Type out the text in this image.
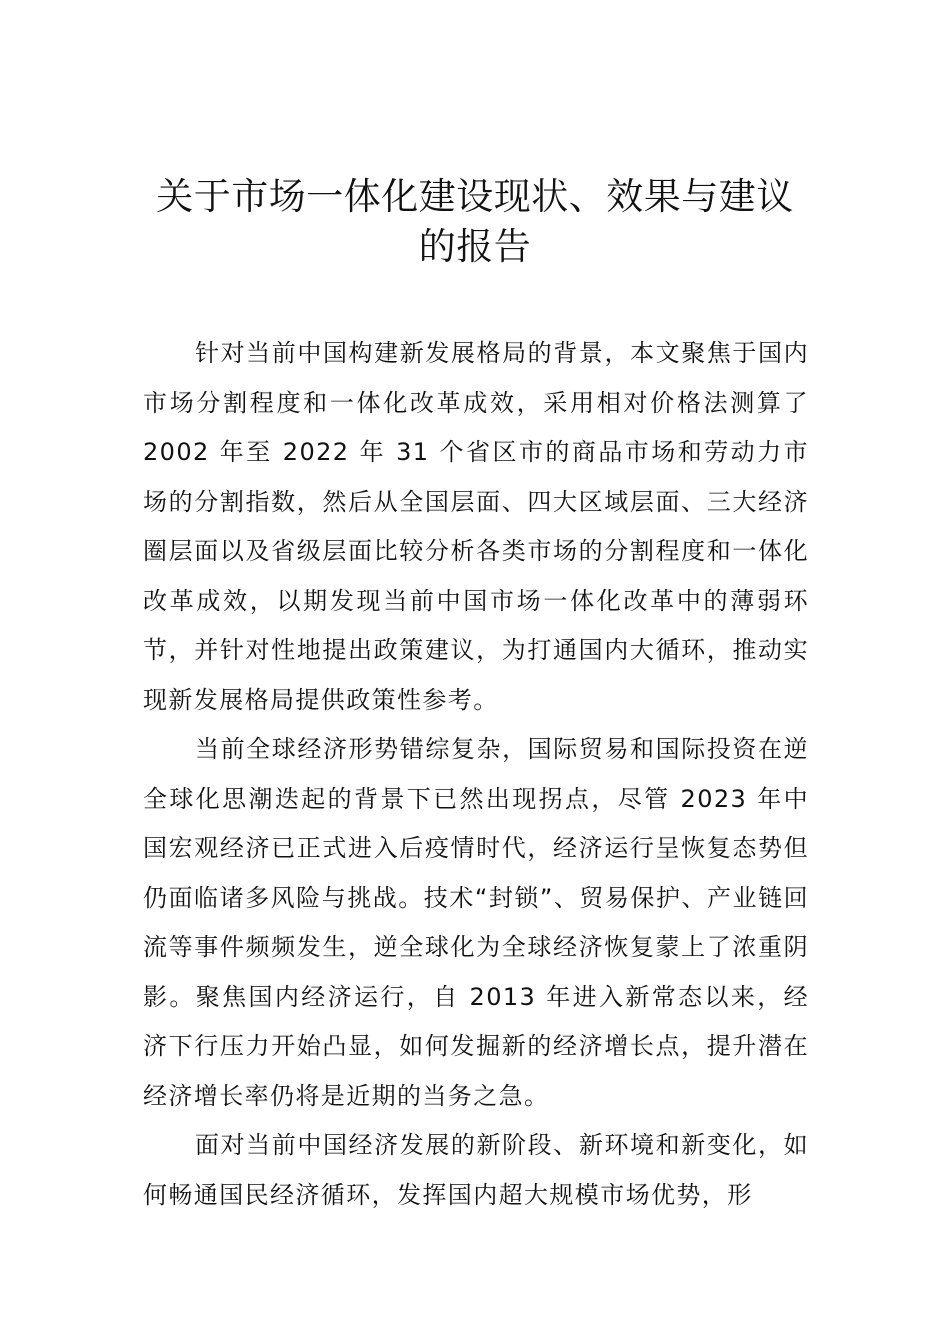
关于市场一体化建设现状、效果与建议的报告

针对当前中国构建新发展格局的背景，本文聚焦于国内市场分割程度和一体化改革成效，采用相对价格法测算了 2002 年至 2022 年 31 个省区市的商品市场和劳动力市场的分割指数，然后从全国层面、四大区域层面、三大经济圈层面以及省级层面比较分析各类市场的分割程度和一体化改革成效，以期发现当前中国市场一体化改革中的薄弱环节，并针对性地提出政策建议，为打通国内大循环，推动实现新发展格局提供政策性参考。

当前全球经济形势错综复杂，国际贸易和国际投资在逆全球化思潮迭起的背景下已然出现拐点，尽管 2023 年中国宏观经济已正式进入后疫情时代，经济运行呈恢复态势但仍面临诸多风险与挑战。技术“封锁”、贸易保护、产业链回流等事件频频发生，逆全球化为全球经济恢复蒙上了浓重阴影。聚焦国内经济运行，自 2013 年进入新常态以来，经济下行压力开始凸显，如何发掘新的经济增长点，提升潜在经济增长率仍将是近期的当务之急。

面对当前中国经济发展的新阶段、新环境和新变化，如何畅通国民经济循环，发挥国内超大规模市场优势，形
